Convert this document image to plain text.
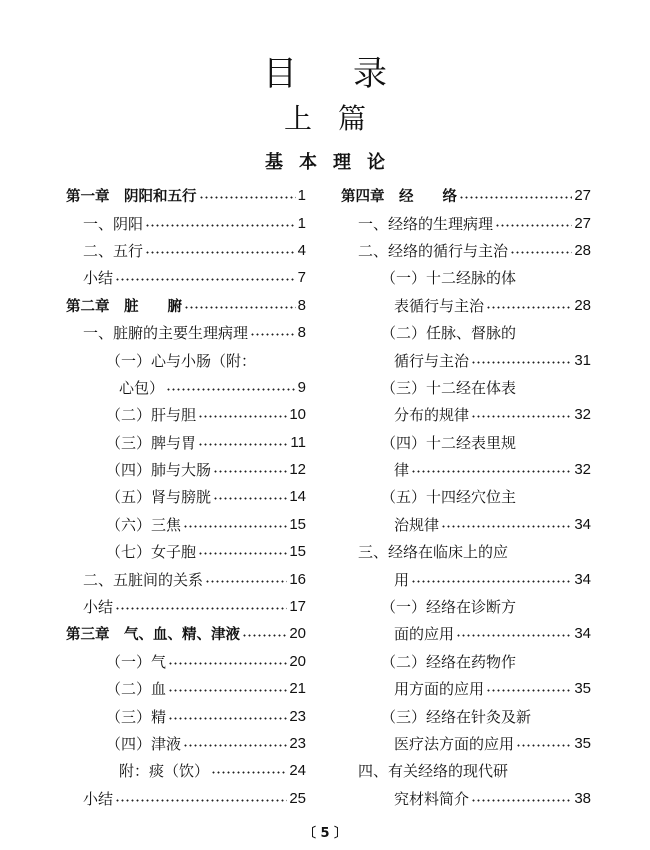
目录
上篇
基本理论
第一章　阴阳和五行	1
一、阴阳	1
二、五行	4
小结	7
第二章　脏　　腑	8
一、脏腑的主要生理病理	8
（一）心与小肠（附：
心包）	9
（二）肝与胆	10
（三）脾与胃	11
（四）肺与大肠	12
（五）肾与膀胱	14
（六）三焦	15
（七）女子胞	15
二、五脏间的关系	16
小结	17
第三章　气、血、精、津液	20
（一）气	20
（二）血	21
（三）精	23
（四）津液	23
附：痰（饮）	24
小结	25
第四章　经　　络	27
一、经络的生理病理	27
二、经络的循行与主治	28
（一）十二经脉的体
表循行与主治	28
（二）任脉、督脉的
循行与主治	31
（三）十二经在体表
分布的规律	32
（四）十二经表里规
律	32
（五）十四经穴位主
治规律	34
三、经络在临床上的应
用	34
（一）经络在诊断方
面的应用	34
（二）经络在药物作
用方面的应用	35
（三）经络在针灸及新
医疗法方面的应用	35
四、有关经络的现代研
究材料简介	38
〔 5 〕
